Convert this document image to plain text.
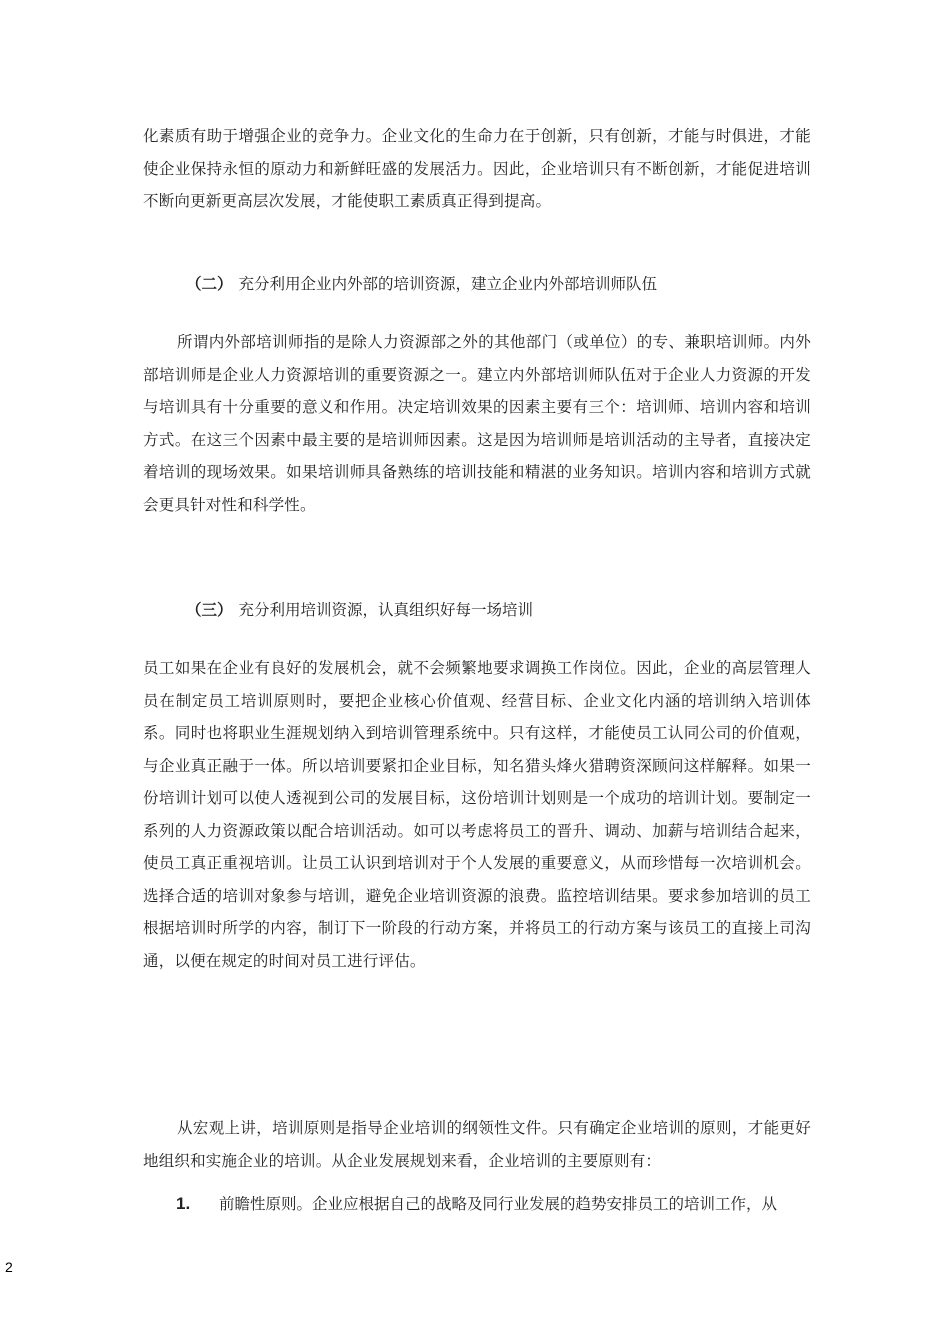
化素质有助于增强企业的竞争力。企业文化的生命力在于创新，只有创新，才能与时俱进，才能使企业保持永恒的原动力和新鲜旺盛的发展活力。因此，企业培训只有不断创新，才能促进培训不断向更新更高层次发展，才能使职工素质真正得到提高。

（二） 充分利用企业内外部的培训资源，建立企业内外部培训师队伍

所谓内外部培训师指的是除人力资源部之外的其他部门（或单位）的专、兼职培训师。内外部培训师是企业人力资源培训的重要资源之一。建立内外部培训师队伍对于企业人力资源的开发与培训具有十分重要的意义和作用。决定培训效果的因素主要有三个：培训师、培训内容和培训方式。在这三个因素中最主要的是培训师因素。这是因为培训师是培训活动的主导者，直接决定着培训的现场效果。如果培训师具备熟练的培训技能和精湛的业务知识。培训内容和培训方式就会更具针对性和科学性。

（三） 充分利用培训资源，认真组织好每一场培训

员工如果在企业有良好的发展机会，就不会频繁地要求调换工作岗位。因此，企业的高层管理人员在制定员工培训原则时，要把企业核心价值观、经营目标、企业文化内涵的培训纳入培训体系。同时也将职业生涯规划纳入到培训管理系统中。只有这样，才能使员工认同公司的价值观，与企业真正融于一体。所以培训要紧扣企业目标，知名猎头烽火猎聘资深顾问这样解释。如果一份培训计划可以使人透视到公司的发展目标，这份培训计划则是一个成功的培训计划。要制定一系列的人力资源政策以配合培训活动。如可以考虑将员工的晋升、调动、加薪与培训结合起来，使员工真正重视培训。让员工认识到培训对于个人发展的重要意义，从而珍惜每一次培训机会。选择合适的培训对象参与培训，避免企业培训资源的浪费。监控培训结果。要求参加培训的员工根据培训时所学的内容，制订下一阶段的行动方案，并将员工的行动方案与该员工的直接上司沟通，以便在规定的时间对员工进行评估。

从宏观上讲，培训原则是指导企业培训的纲领性文件。只有确定企业培训的原则，才能更好地组织和实施企业的培训。从企业发展规划来看，企业培训的主要原则有：

1. 前瞻性原则。企业应根据自己的战略及同行业发展的趋势安排员工的培训工作，从

2
